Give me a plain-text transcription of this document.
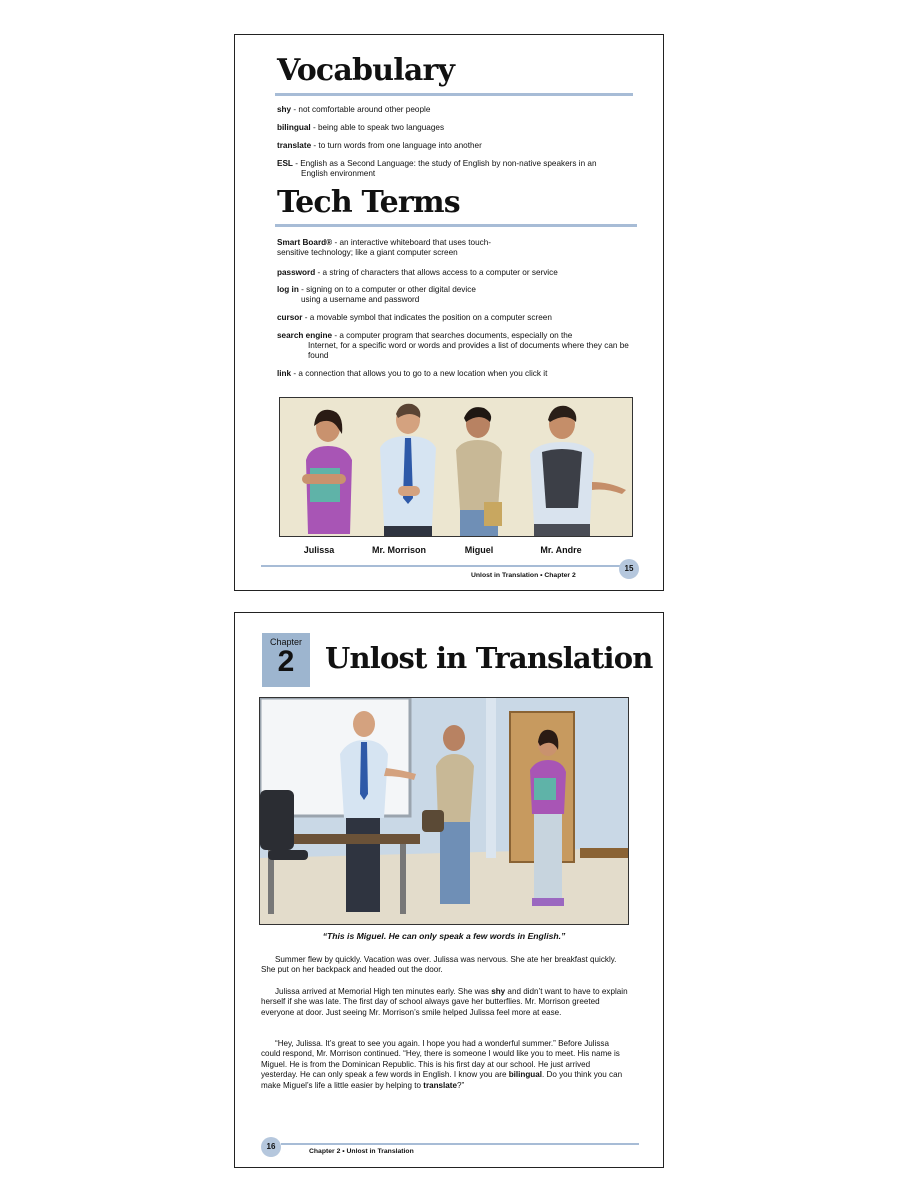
Vocabulary

shy - not comfortable around other people

bilingual - being able to speak two languages

translate - to turn words from one language into another

ESL - English as a Second Language: the study of English by non-native speakers in an
English environment

Tech Terms

Smart Board® - an interactive whiteboard that uses touch-
sensitive technology; like a giant computer screen

password - a string of characters that allows access to a computer or service

log in - signing on to a computer or other digital device
using a username and password

cursor - a movable symbol that indicates the position on a computer screen

search engine - a computer program that searches documents, especially on the
Internet, for a specific word or words and provides a list of documents where they can be found

link - a connection that allows you to go to a new location when you click it

Julissa	Mr. Morrison	Miguel	Mr. Andre
Unlost in Translation • Chapter 2
15
Chapter
2	Unlost in Translation
“This is Miguel. He can only speak a few words in English.”

Summer flew by quickly. Vacation was over. Julissa was nervous. She ate her breakfast quickly. She put on her backpack and headed out the door.

Julissa arrived at Memorial High ten minutes early. She was shy and didn’t want to have to explain herself if she was late. The first day of school always gave her butterflies. Mr. Morrison greeted everyone at door. Just seeing Mr. Morrison’s smile helped Julissa feel more at ease.

“Hey, Julissa. It’s great to see you again. I hope you had a wonderful summer.” Before Julissa could respond, Mr. Morrison continued. “Hey, there is someone I would like you to meet. His name is Miguel. He is from the Dominican Republic. This is his first day at our school. He just arrived yesterday. He can only speak a few words in English. I know you are bilingual. Do you think you can make Miguel’s life a little easier by helping to translate?”

16
Chapter 2 • Unlost in Translation
